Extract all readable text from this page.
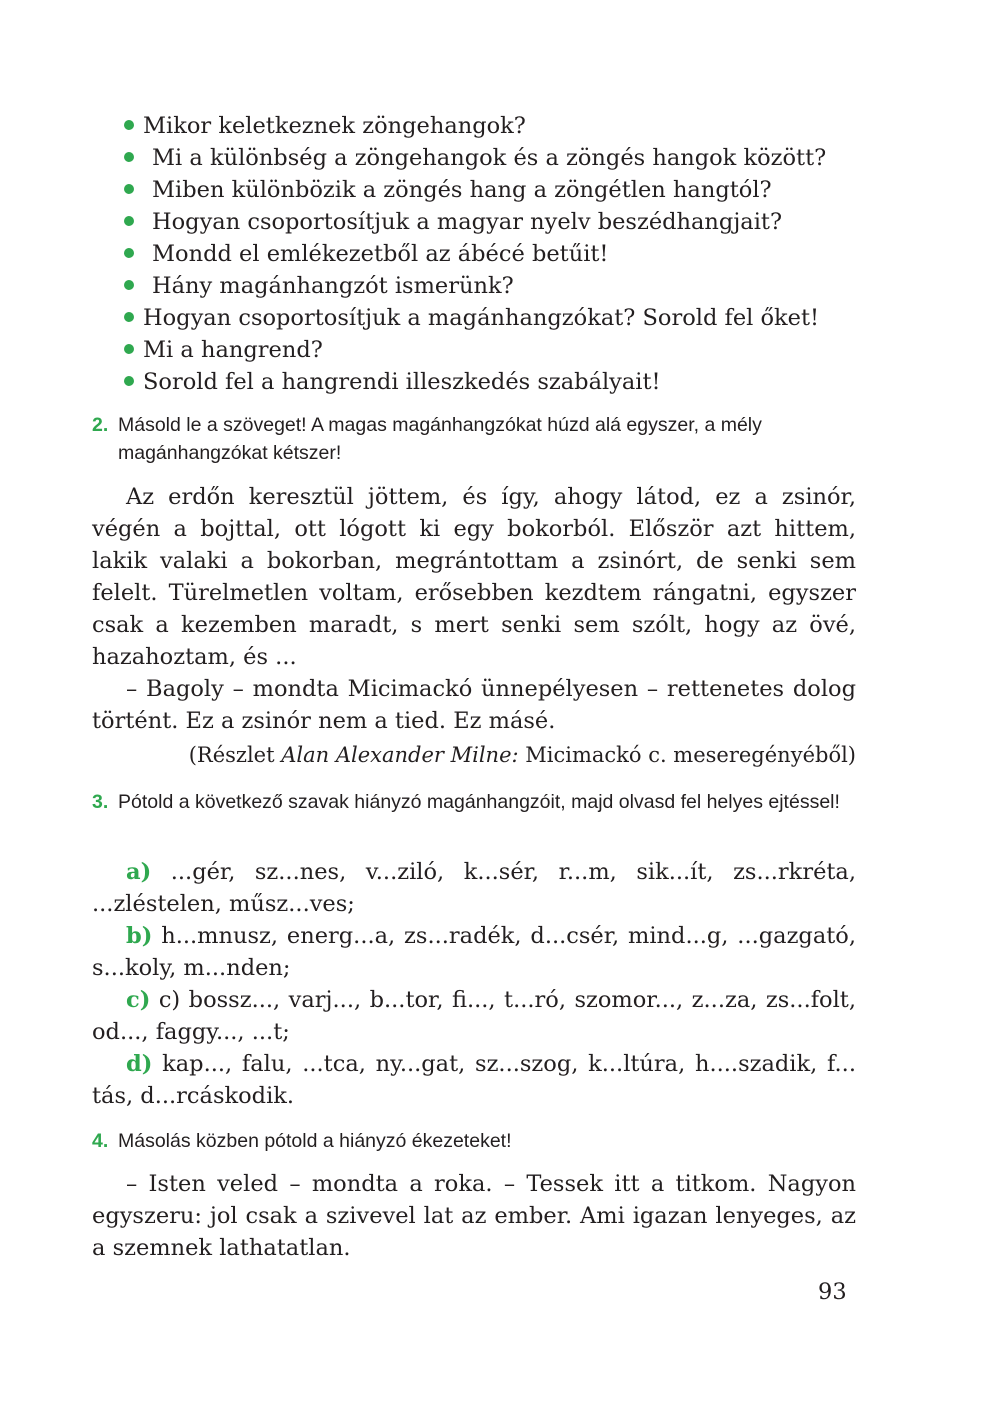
Mikor keletkeznek zöngehangok?
Mi a különbség a zöngehangok és a zöngés hangok között?
Miben különbözik a zöngés hang a zöngétlen hangtól?
Hogyan csoportosítjuk a magyar nyelv beszédhangjait?
Mondd el emlékezetből az ábécé betűit!
Hány magánhangzót ismerünk?
Hogyan csoportosítjuk a magánhangzókat? Sorold fel őket!
Mi a hangrend?
Sorold fel a hangrendi illeszkedés szabályait!
2. Másold le a szöveget! A magas magánhangzókat húzd alá egyszer, a mély magánhangzókat kétszer!
Az erdőn keresztül jöttem, és így, ahogy látod, ez a zsinór, végén a bojttal, ott lógott ki egy bokorból. Először azt hittem, lakik valaki a bokorban, megrántottam a zsinórt, de senki sem felelt. Türelmetlen voltam, erősebben kezdtem rángatni, egyszer csak a kezemben maradt, s mert senki sem szólt, hogy az övé, hazahoztam, és ...
– Bagoly – mondta Micimackó ünnepélyesen – rettenetes dolog történt. Ez a zsinór nem a tied. Ez másé.
(Részlet Alan Alexander Milne: Micimackó c. meseregényéből)
3. Pótold a következő szavak hiányzó magánhangzóit, majd olvasd fel helyes ejtéssel!
a) ...gér, sz...nes, v...ziló, k...sér, r...m, sik...ít, zs...rkréta, ...zléstelen, műsz...ves;
b) h...mnusz, energ...a, zs...radék, d...csér, mind...g, ...gazgató, s...koly, m...nden;
c) c) bossz..., varj..., b...tor, fi..., t...ró, szomor..., z...za, zs...folt, od..., faggy..., ...t;
d) kap..., falu, ...tca, ny...gat, sz...szog, k...ltúra, h....szadik, f... tás, d...rcáskodik.
4. Másolás közben pótold a hiányzó ékezeteket!
– Isten veled – mondta a roka. – Tessek itt a titkom. Nagyon egyszeru: jol csak a szivevel lat az ember. Ami igazan lenyeges, az a szemnek lathatatlan.
93
